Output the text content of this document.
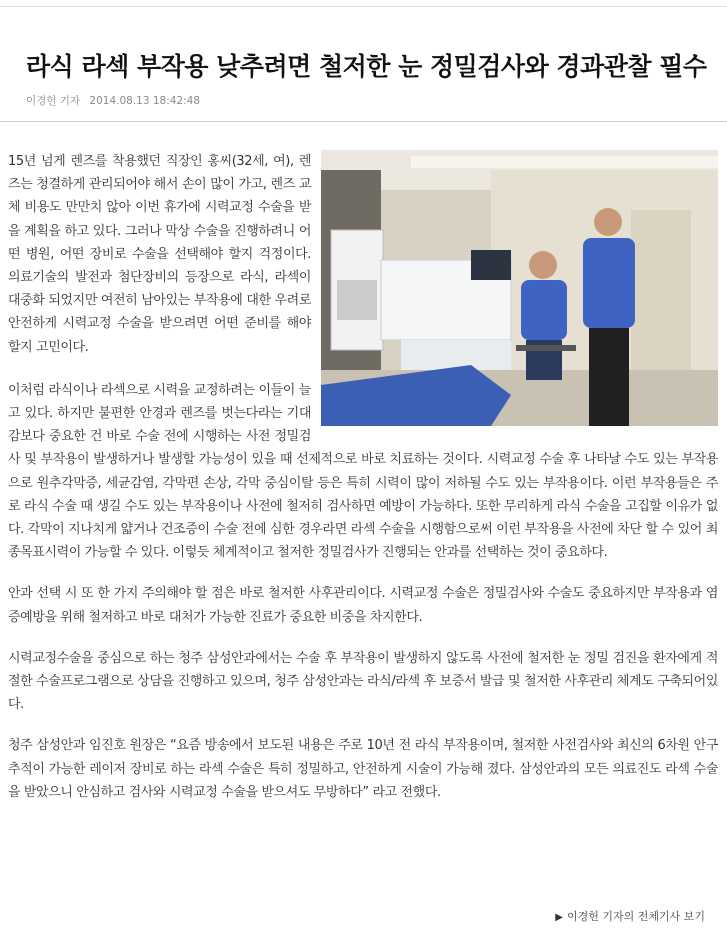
라식 라섹 부작용 낮추려면 철저한 눈 정밀검사와 경과관찰 필수
이경헌 기자 2014.08.13 18:42:48

15년 넘게 렌즈를 착용했던 직장인 홍씨(32세, 여), 렌즈는 청결하게 관리되어야 해서 손이 많이 가고, 렌즈 교체 비용도 만만치 않아 이번 휴가에 시력교정 수술을 받을 계획을 하고 있다. 그러나 막상 수술을 진행하려니 어떤 병원, 어떤 장비로 수술을 선택해야 할지 걱정이다. 의료기술의 발전과 첨단장비의 등장으로 라식, 라섹이 대중화 되었지만 여전히 남아있는 부작용에 대한 우려로 안전하게 시력교정 수술을 받으려면 어떤 준비를 해야 할지 고민이다.

이처럼 라식이나 라섹으로 시력을 교정하려는 이들이 늘고 있다. 하지만 불편한 안경과 렌즈를 벗는다라는 기대감보다 중요한 건 바로 수술 전에 시행하는 사전 정밀검사 및 부작용이 발생하거나 발생할 가능성이 있을 때 선제적으로 바로 치료하는 것이다. 시력교정 수술 후 나타날 수도 있는 부작용으로 원추각막증, 세균감염, 각막편 손상, 각막 중심이탈 등은 특히 시력이 많이 저하될 수도 있는 부작용이다. 이런 부작용들은 주로 라식 수술 때 생길 수도 있는 부작용이나 사전에 철저히 검사하면 예방이 가능하다. 또한 무리하게 라식 수술을 고집할 이유가 없다. 각막이 지나치게 얇거나 건조증이 수술 전에 심한 경우라면 라섹 수술을 시행함으로써 이런 부작용을 사전에 차단 할 수 있어 최종목표시력이 가능할 수 있다. 이렇듯 체계적이고 철저한 정밀검사가 진행되는 안과를 선택하는 것이 중요하다.

안과 선택 시 또 한 가지 주의해야 할 점은 바로 철저한 사후관리이다. 시력교정 수술은 정밀검사와 수술도 중요하지만 부작용과 염증예방을 위해 철저하고 바로 대처가 가능한 진료가 중요한 비중을 차지한다.

시력교정수술을 중심으로 하는 청주 삼성안과에서는 수술 후 부작용이 발생하지 않도록 사전에 철저한 눈 정밀 검진을 환자에게 적절한 수술프로그램으로 상담을 진행하고 있으며, 청주 삼성안과는 라식/라섹 후 보증서 발급 및 철저한 사후관리 체계도 구축되어있다.

청주 삼성안과 임진호 원장은 “요즘 방송에서 보도된 내용은 주로 10년 전 라식 부작용이며, 철저한 사전검사와 최신의 6차원 안구추적이 가능한 레이저 장비로 하는 라섹 수술은 특히 정밀하고, 안전하게 시술이 가능해 졌다. 삼성안과의 모든 의료진도 라섹 수술을 받았으니 안심하고 검사와 시력교정 수술을 받으셔도 무방하다” 라고 전했다.

▶ 이경헌 기자의 전체기사 보기
